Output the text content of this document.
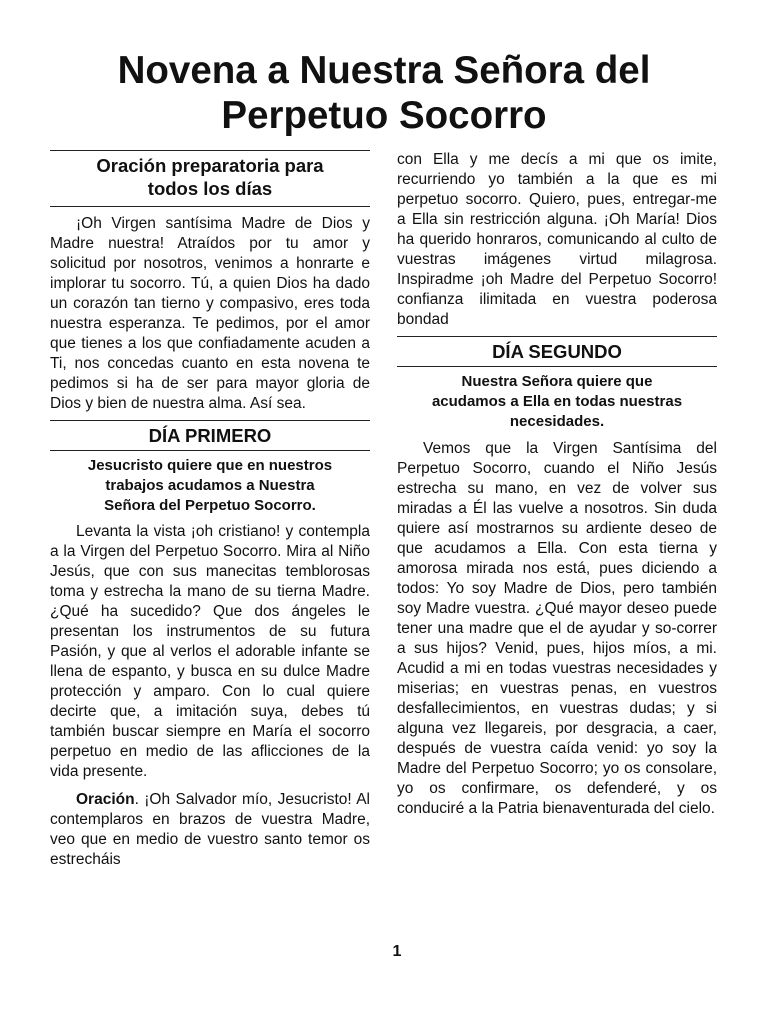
Novena a Nuestra Señora del
Perpetuo Socorro
Oración preparatoria para
todos los días

¡Oh Virgen santísima Madre de Dios y Madre nuestra! Atraídos por tu amor y solicitud por nosotros, venimos a honrarte e implorar tu socorro. Tú, a quien Dios ha dado un corazón tan tierno y compasivo, eres toda nuestra esperanza. Te pedimos, por el amor que tienes a los que confiadamente acuden a Ti, nos concedas cuanto en esta novena te pedimos si ha de ser para mayor gloria de Dios y bien de nuestra alma. Así sea.

DÍA PRIMERO
Jesucristo quiere que en nuestros
trabajos acudamos a Nuestra
Señora del Perpetuo Socorro.

Levanta la vista ¡oh cristiano! y contempla a la Virgen del Perpetuo Socorro. Mira al Niño Jesús, que con sus manecitas temblorosas toma y estrecha la mano de su tierna Madre. ¿Qué ha sucedido? Que dos ángeles le presentan los instrumentos de su futura Pasión, y que al verlos el adorable infante se llena de espanto, y busca en su dulce Madre protección y amparo. Con lo cual quiere decirte que, a imitación suya, debes tú también buscar siempre en María el socorro perpetuo en medio de las aflicciones de la vida presente.

Oración. ¡Oh Salvador mío, Jesucristo! Al contemplaros en brazos de vuestra Madre, veo que en medio de vuestro santo temor os estrecháis

con Ella y me decís a mi que os imite, recurriendo yo también a la que es mi perpetuo socorro. Quiero, pues, entregar-me a Ella sin restricción alguna. ¡Oh María! Dios ha querido honraros, comunicando al culto de vuestras imágenes virtud milagrosa. Inspiradme ¡oh Madre del Perpetuo Socorro! confianza ilimitada en vuestra poderosa bondad

DÍA SEGUNDO
Nuestra Señora quiere que
acudamos a Ella en todas nuestras
necesidades.

Vemos que la Virgen Santísima del Perpetuo Socorro, cuando el Niño Jesús estrecha su mano, en vez de volver sus miradas a Él las vuelve a nosotros. Sin duda quiere así mostrarnos su ardiente deseo de que acudamos a Ella. Con esta tierna y amorosa mirada nos está, pues diciendo a todos: Yo soy Madre de Dios, pero también soy Madre vuestra. ¿Qué mayor deseo puede tener una madre que el de ayudar y so-correr a sus hijos? Venid, pues, hijos míos, a mi. Acudid a mi en todas vuestras necesidades y miserias; en vuestras penas, en vuestros desfallecimientos, en vuestras dudas; y si alguna vez llegareis, por desgracia, a caer, después de vuestra caída venid: yo soy la Madre del Perpetuo Socorro; yo os consolare, yo os confirmare, os defenderé, y os conduciré a la Patria bienaventurada del cielo.

1
